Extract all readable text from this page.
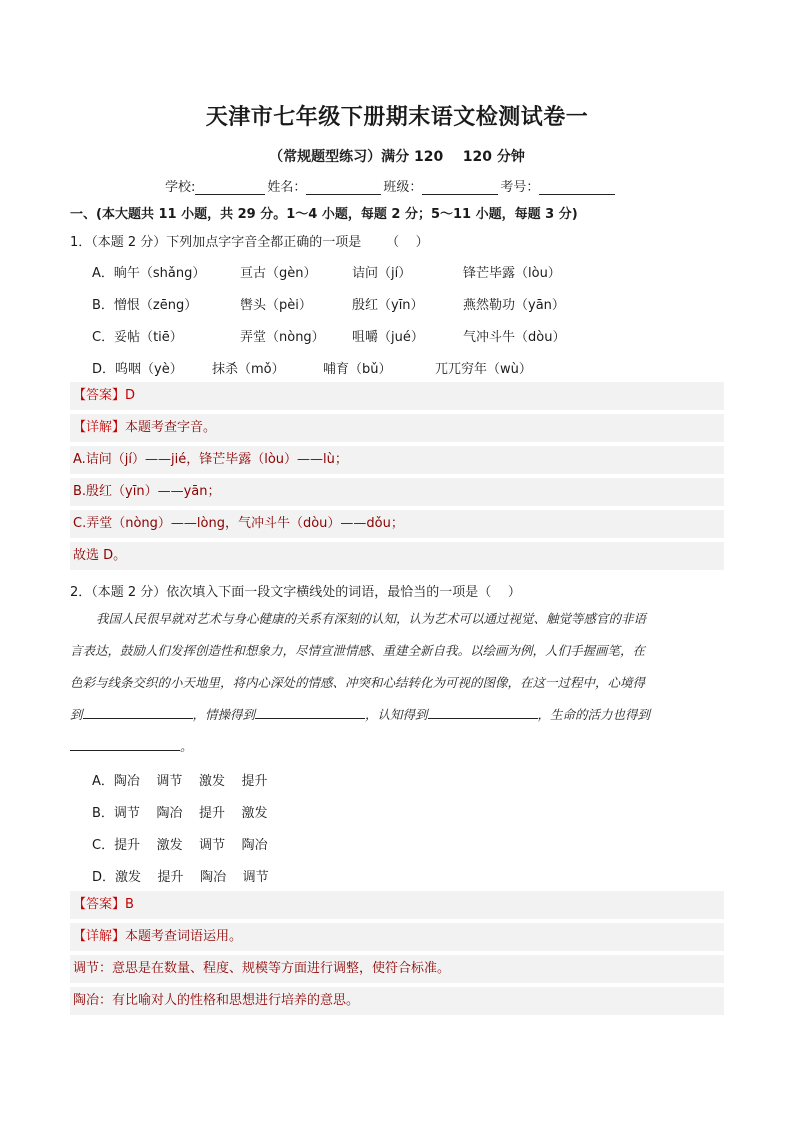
天津市七年级下册期末语文检测试卷一
（常规题型练习）满分 120    120 分钟
学校:	姓名：	班级：	考号：
一、(本大题共 11 小题，共 29 分。1～4 小题，每题 2 分；5～11 小题，每题 3 分)
1．（本题 2 分）下列加点字字音全都正确的一项是      （    ）
A．晌午（shǎng）	亘古（gèn）	诘问（jí）	锋芒毕露（lòu）
B．憎恨（zēng）	辔头（pèi）	殷红（yīn）	燕然勒功（yān）
C．妥帖（tiē）	弄堂（nòng） 咀嚼（jué）	气冲斗牛（dòu）
D．呜咽（yè） 抹杀（mǒ）	哺育（bǔ）	兀兀穷年（wù）
【答案】D
【详解】本题考查字音。
A.诘问（jí）——jié，锋芒毕露（lòu）——lù；
B.殷红（yīn）——yān；
C.弄堂（nòng）——lòng，气冲斗牛（dòu）——dǒu；
故选 D。
2．（本题 2 分）依次填入下面一段文字横线处的词语，最恰当的一项是（    ）
我国人民很早就对艺术与身心健康的关系有深刻的认知，认为艺术可以通过视觉、触觉等感官的非语
言表达，鼓励人们发挥创造性和想象力，尽情宣泄情感、重建全新自我。以绘画为例，人们手握画笔，在
色彩与线条交织的小天地里，将内心深处的情感、冲突和心结转化为可视的图像，在这一过程中，心境得
到	，情操得到	，认知得到	，生命的活力也得到
。
A．陶冶    调节    激发    提升
B．调节    陶冶    提升    激发
C．提升    激发    调节    陶冶
D．激发    提升    陶冶    调节
【答案】B
【详解】本题考查词语运用。
调节：意思是在数量、程度、规模等方面进行调整，使符合标准。
陶冶：有比喻对人的性格和思想进行培养的意思。
